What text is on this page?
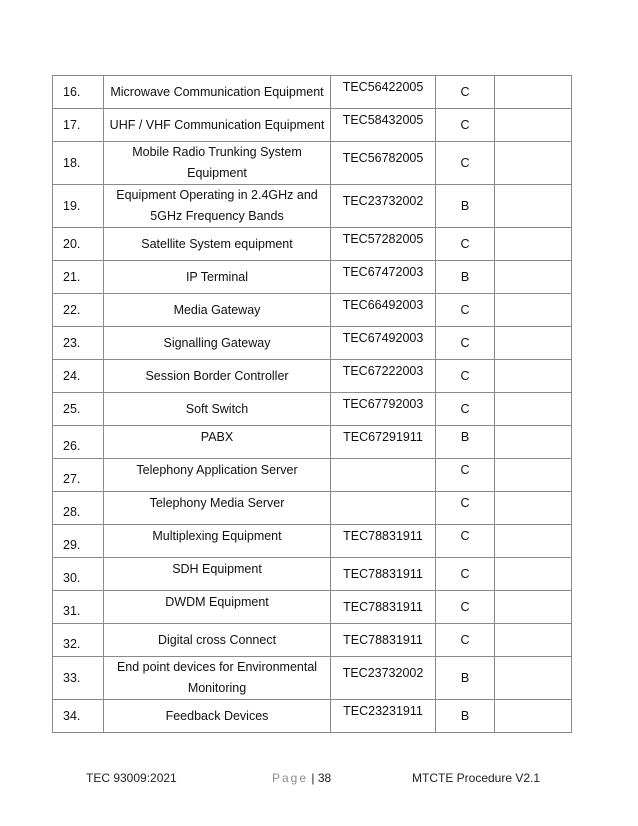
16.	Microwave Communication Equipment	TEC56422005	C	
17.	UHF / VHF Communication Equipment	TEC58432005	C	
18.	Mobile Radio Trunking System Equipment	TEC56782005	C	
19.	Equipment Operating in 2.4GHz and 5GHz Frequency Bands	TEC23732002	B	
20.	Satellite System equipment	TEC57282005	C	
21.	IP Terminal	TEC67472003	B	
22.	Media Gateway	TEC66492003	C	
23.	Signalling Gateway	TEC67492003	C	
24.	Session Border Controller	TEC67222003	C	
25.	Soft Switch	TEC67792003	C	

26.	PABX	TEC67291911	B	

27.	Telephony Application Server		C	

28.	Telephony Media Server		C	

29.	Multiplexing Equipment	TEC78831911	C	

30.	SDH Equipment	TEC78831911	C	

31.	DWDM Equipment	TEC78831911	C	

32.	Digital cross Connect	TEC78831911	C	
33.	End point devices for Environmental Monitoring	TEC23732002	B	
34.	Feedback Devices	TEC23231911	B	
TEC 93009:2021	Page | 38	MTCTE Procedure V2.1
